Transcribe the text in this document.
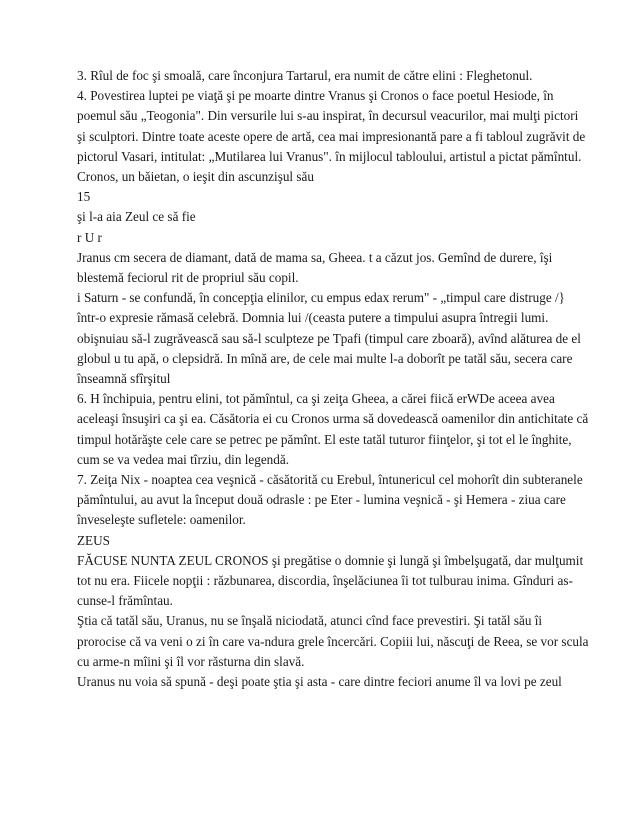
3. Rîul de foc şi smoală, care înconjura Tartarul, era numit de către elini : Fleghetonul.
4. Povestirea luptei pe viaţă şi pe moarte dintre Vranus şi Cronos o face poetul Hesiode, în
poemul său „Teogonia". Din versurile lui s-au inspirat, în decursul veacurilor, mai mulţi pictori
şi sculptori. Dintre toate aceste opere de artă, cea mai impresionantă pare a fi tabloul zugrăvit de
pictorul Vasari, intitulat: „Mutilarea lui Vranus". în mijlocul tabloului, artistul a pictat pămîntul.
Cronos, un băietan, o ieşit din ascunzişul său
15
şi l-a aia Zeul ce să fie
r U r
Jranus cm secera de diamant, dată de mama sa, Gheea. t a căzut jos. Gemînd de durere, îşi
blestemă feciorul rit de propriul său copil.
i Saturn - se confundă, în concepţia elinilor, cu empus edax rerum" - „timpul care distruge /}
într-o expresie rămasă celebră. Domnia lui /(ceasta putere a timpului asupra întregii lumi.
obişnuiau să-l zugrăvească sau să-l sculpteze pe Tpafi (timpul care zboară), avînd alăturea de el
globul u tu apă, o clepsidră. In mînă are, de cele mai multe l-a doborît pe tatăl său, secera care
înseamnă sfîrşitul
6. H închipuia, pentru elini, tot pămîntul, ca şi zeiţa Gheea, a cărei fiică erWDe aceea avea
aceleaşi însuşiri ca şi ea. Căsătoria ei cu Cronos urma să dovedească oamenilor din antichitate că
timpul hotărăşte cele care se petrec pe pămînt. El este tatăl tuturor fiinţelor, şi tot el le înghite,
cum se va vedea mai tîrziu, din legendă.
7. Zeiţa Nix - noaptea cea veşnică - căsătorită cu Erebul, întunericul cel mohorît din subteranele
pămîntului, au avut la început două odrasle : pe Eter - lumina veşnică - şi Hemera - ziua care
înveseleşte sufletele: oamenilor.
ZEUS
FĂCUSE NUNTA ZEUL CRONOS şi pregătise o domnie şi lungă şi îmbelşugată, dar mulţumit
tot nu era. Fiicele nopţii : răzbunarea, discordia, înşelăciunea îi tot tulburau inima. Gînduri as-
cunse-l frămîntau.
Ştia că tatăl său, Uranus, nu se înşală niciodată, atunci cînd face prevestiri. Şi tatăl său îi
prorocise că va veni o zi în care va-ndura grele încercări. Copiii lui, născuţi de Reea, se vor scula
cu arme-n mîini şi îl vor răsturna din slavă.
Uranus nu voia să spună - deşi poate ştia şi asta - care dintre feciori anume îl va lovi pe zeul
